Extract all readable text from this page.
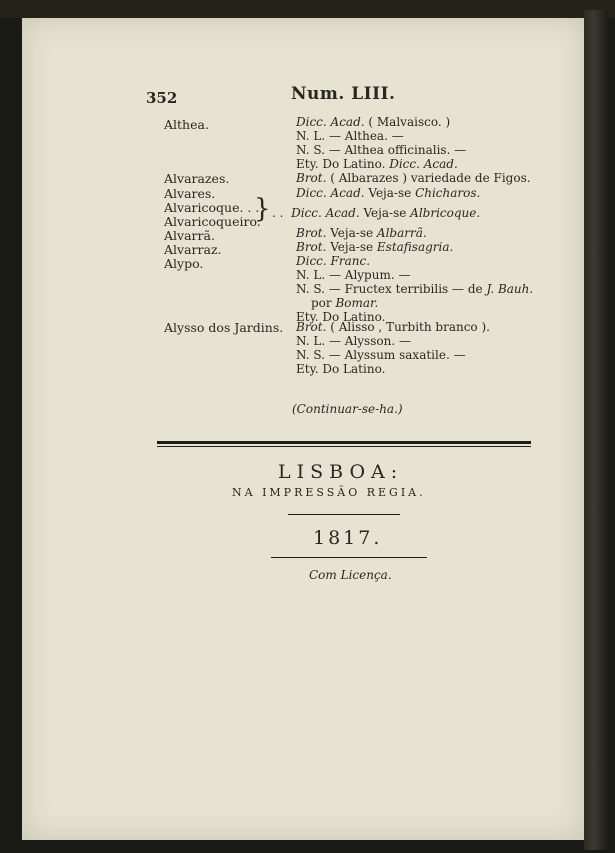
352	Num. LIII.
Althea.
Alvarazes.
Alvares.
Alvaricoque. . .
Alvaricoqueiro.
}
Alvarrã.
Alvarraz.
Alypo.
Alysso dos Jardins.
Dicc. Acad. ( Malvaisco. )
N. L. — Althea. —
N. S. — Althea officinalis. —
Ety. Do Latino. Dicc. Acad.
Brot. ( Albarazes ) variedade de Figos.
Dicc. Acad. Veja-se Chicharos.
. . Dicc. Acad. Veja-se Albricoque.
Brot. Veja-se Albarrã.
Brot. Veja-se Estafisagria.
Dicc. Franc.
N. L. — Alypum. —
N. S. — Fructex terribilis — de J. Bauh.
por Bomar.
Ety. Do Latino.
Brot. ( Alisso , Turbith branco ).
N. L. — Alysson. —
N. S. — Alyssum saxatile. —
Ety. Do Latino.
(Continuar-se-ha.)
LISBOA:
NA IMPRESSÃO REGIA.
1817.
Com Licença.
